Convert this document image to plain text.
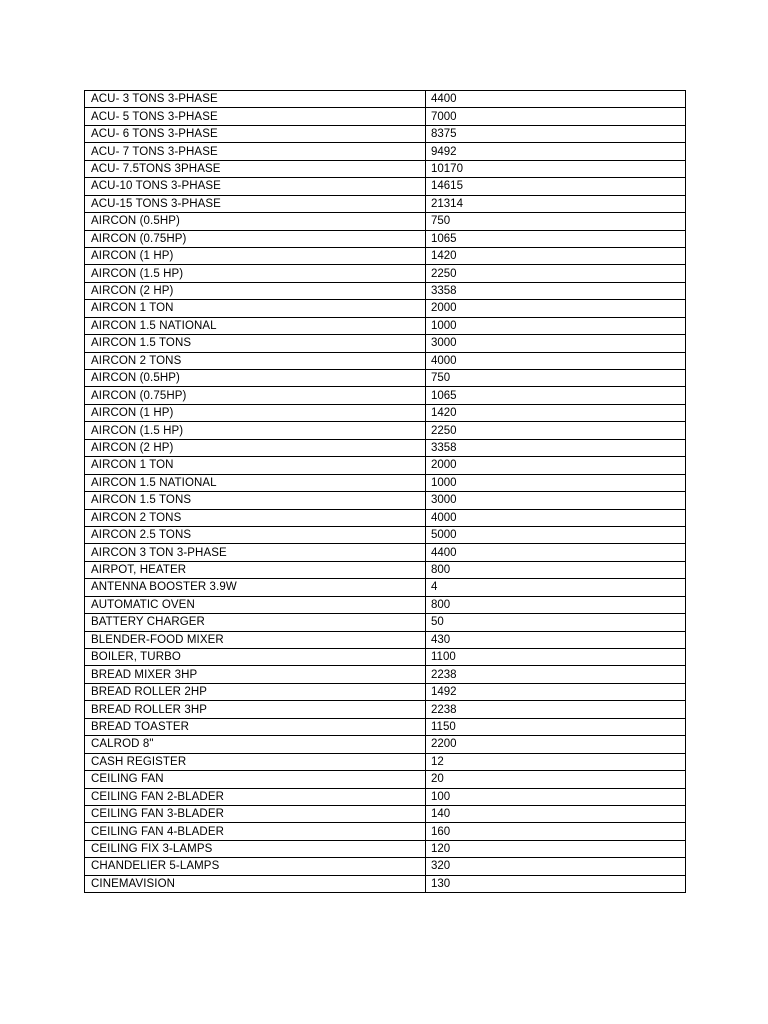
ACU- 3 TONS 3-PHASE	4400
ACU- 5 TONS 3-PHASE	7000
ACU- 6 TONS 3-PHASE	8375
ACU- 7 TONS 3-PHASE	9492
ACU- 7.5TONS 3PHASE	10170
ACU-10 TONS 3-PHASE	14615
ACU-15 TONS 3-PHASE	21314
AIRCON (0.5HP)	750
AIRCON (0.75HP)	1065
AIRCON (1 HP)	1420
AIRCON (1.5 HP)	2250
AIRCON (2 HP)	3358
AIRCON 1 TON	2000
AIRCON 1.5 NATIONAL	1000
AIRCON 1.5 TONS	3000
AIRCON 2 TONS	4000
AIRCON (0.5HP)	750
AIRCON (0.75HP)	1065
AIRCON (1 HP)	1420
AIRCON (1.5 HP)	2250
AIRCON (2 HP)	3358
AIRCON 1 TON	2000
AIRCON 1.5 NATIONAL	1000
AIRCON 1.5 TONS	3000
AIRCON 2 TONS	4000
AIRCON 2.5 TONS	5000
AIRCON 3 TON 3-PHASE	4400
AIRPOT, HEATER	800
ANTENNA BOOSTER 3.9W	4
AUTOMATIC OVEN	800
BATTERY CHARGER	50
BLENDER-FOOD MIXER	430
BOILER, TURBO	1100
BREAD MIXER 3HP	2238
BREAD ROLLER 2HP	1492
BREAD ROLLER 3HP	2238
BREAD TOASTER	1150
CALROD 8"	2200
CASH REGISTER	12
CEILING FAN	20
CEILING FAN 2-BLADER	100
CEILING FAN 3-BLADER	140
CEILING FAN 4-BLADER	160
CEILING FIX 3-LAMPS	120
CHANDELIER 5-LAMPS	320
CINEMAVISION	130
